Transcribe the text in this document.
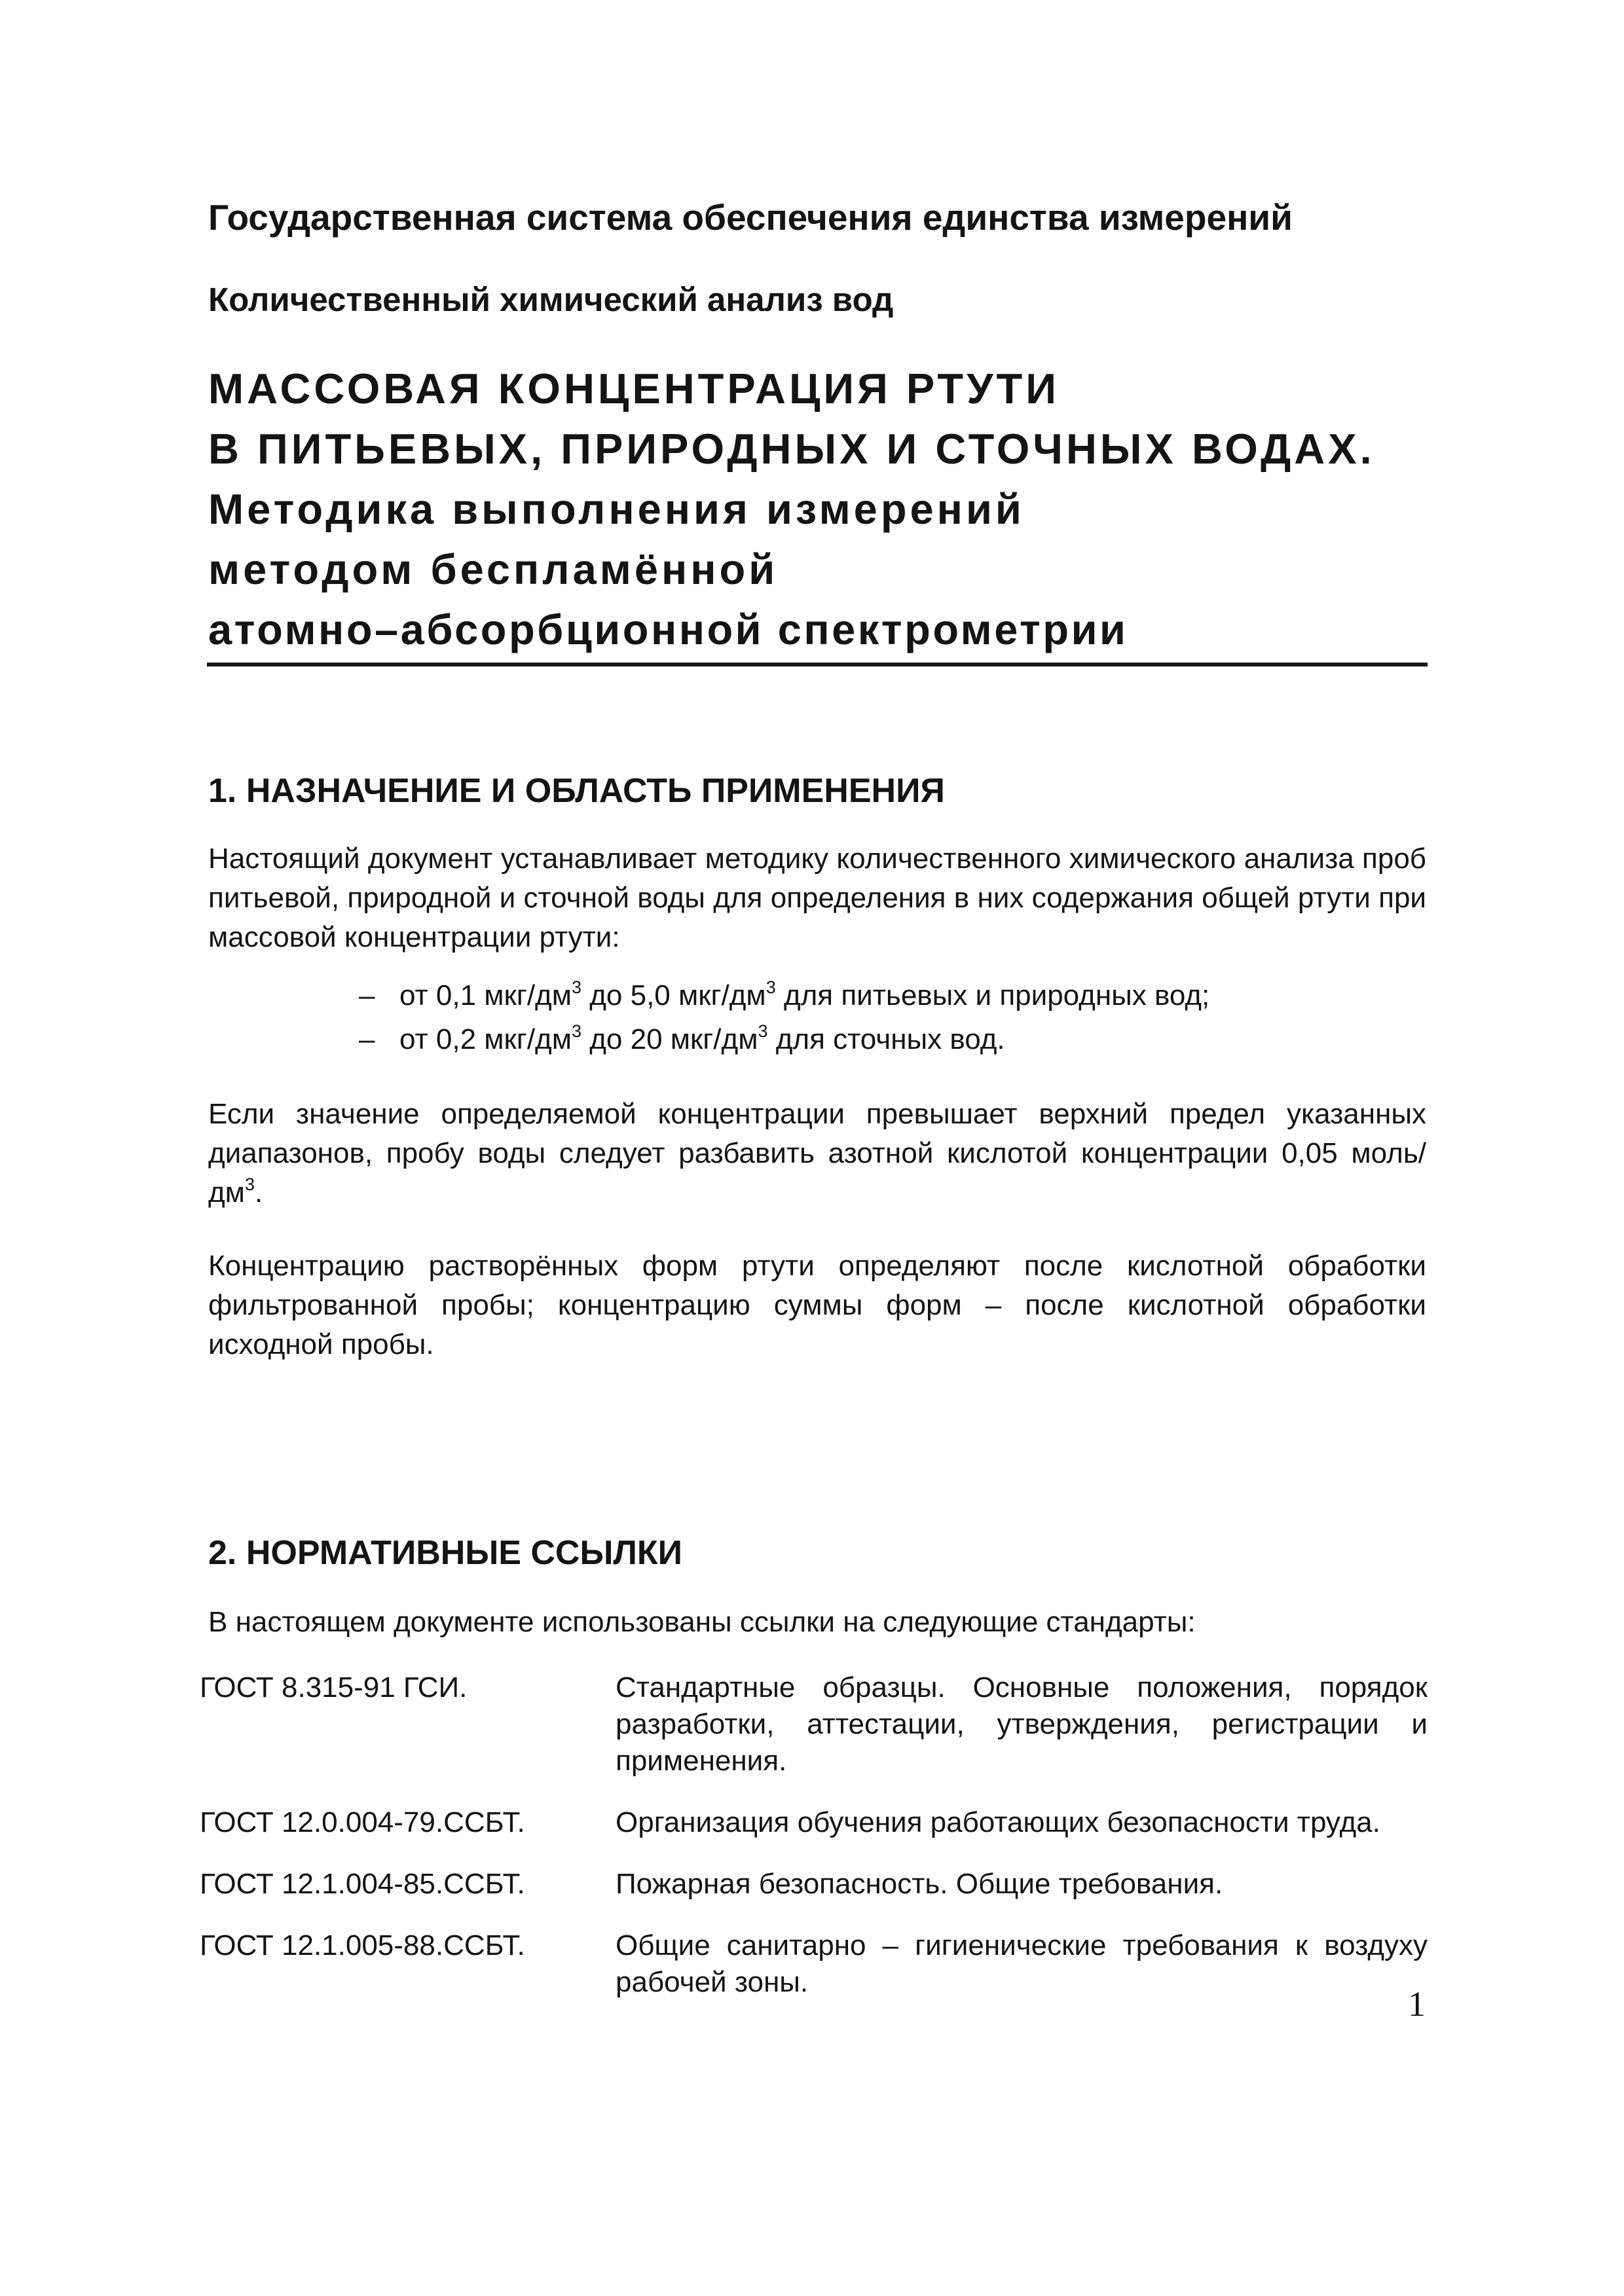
Государственная система обеспечения единства измерений

Количественный химический анализ вод

МАССОВАЯ КОНЦЕНТРАЦИЯ РТУТИ
В ПИТЬЕВЫХ, ПРИРОДНЫХ И СТОЧНЫХ ВОДАХ.
Методика выполнения измерений
методом беспламённой
атомно–абсорбционной спектрометрии
1. НАЗНАЧЕНИЕ И ОБЛАСТЬ ПРИМЕНЕНИЯ

Настоящий документ устанавливает методику количественного химического анализа проб питьевой, природной и сточной воды для определения в них содержания общей ртути при массовой концентрации ртути:

– от 0,1 мкг/$дм^3$ до 5,0 мкг/$дм^3$ для питьевых и природных вод;
– от 0,2 мкг/$дм^3$ до 20 мкг/$дм^3$ для сточных вод.

Если значение определяемой концентрации превышает верхний предел указанных диапазонов, пробу воды следует разбавить азотной кислотой концентрации 0,05 моль/$дм^3$.

Концентрацию растворённых форм ртути определяют после кислотной обработки фильтрованной пробы; концентрацию суммы форм – после кислотной обработки исходной пробы.

2. НОРМАТИВНЫЕ ССЫЛКИ

В настоящем документе использованы ссылки на следующие стандарты:

ГОСТ 8.315-91 ГСИ.	Стандартные образцы. Основные положения, порядок разработки, аттестации, утверждения, регистрации и применения.
ГОСТ 12.0.004-79.ССБТ.	Организация обучения работающих безопасности труда.
ГОСТ 12.1.004-85.ССБТ.	Пожарная безопасность. Общие требования.
ГОСТ 12.1.005-88.ССБТ.	Общие санитарно – гигиенические требования к воздуху рабочей зоны.
1
